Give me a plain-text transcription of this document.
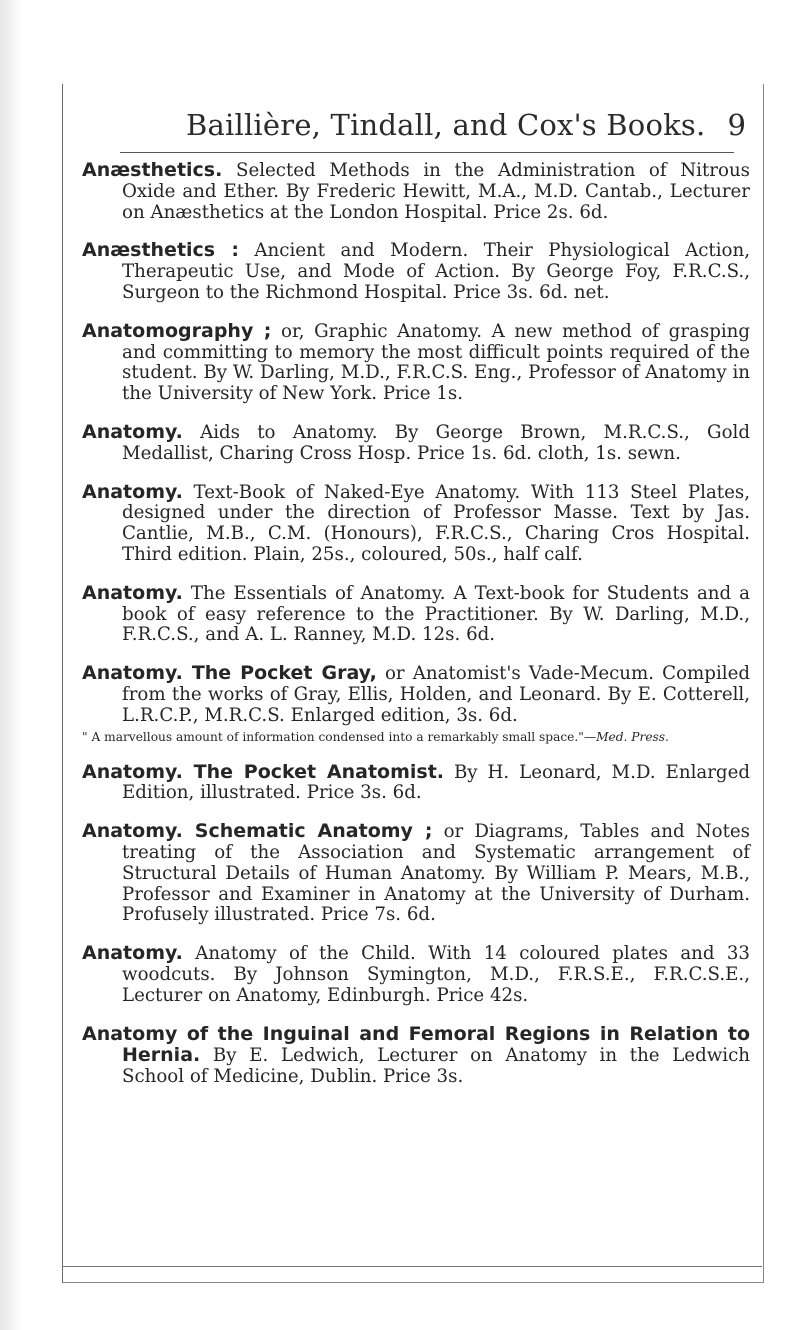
Baillière, Tindall, and Cox's Books. 9

Anæsthetics. Selected Methods in the Administration of Nitrous Oxide and Ether. By Frederic Hewitt, M.A., M.D. Cantab., Lecturer on Anæsthetics at the London Hospital. Price 2s. 6d.

Anæsthetics : Ancient and Modern. Their Physiological Action, Therapeutic Use, and Mode of Action. By George Foy, F.R.C.S., Surgeon to the Richmond Hospital. Price 3s. 6d. net.

Anatomography ; or, Graphic Anatomy. A new method of grasping and committing to memory the most difficult points required of the student. By W. Darling, M.D., F.R.C.S. Eng., Professor of Anatomy in the University of New York. Price 1s.

Anatomy. Aids to Anatomy. By George Brown, M.R.C.S., Gold Medallist, Charing Cross Hosp. Price 1s. 6d. cloth, 1s. sewn.

Anatomy. Text-Book of Naked-Eye Anatomy. With 113 Steel Plates, designed under the direction of Professor Masse. Text by Jas. Cantlie, M.B., C.M. (Honours), F.R.C.S., Charing Cros Hospital. Third edition. Plain, 25s., coloured, 50s., half calf.

Anatomy. The Essentials of Anatomy. A Text-book for Students and a book of easy reference to the Practitioner. By W. Darling, M.D., F.R.C.S., and A. L. Ranney, M.D. 12s. 6d.

Anatomy. The Pocket Gray, or Anatomist's Vade-Mecum. Compiled from the works of Gray, Ellis, Holden, and Leonard. By E. Cotterell, L.R.C.P., M.R.C.S. Enlarged edition, 3s. 6d.
" A marvellous amount of information condensed into a remarkably small space."—Med. Press.

Anatomy. The Pocket Anatomist. By H. Leonard, M.D. Enlarged Edition, illustrated. Price 3s. 6d.

Anatomy. Schematic Anatomy ; or Diagrams, Tables and Notes treating of the Association and Systematic arrangement of Structural Details of Human Anatomy. By William P. Mears, M.B., Professor and Examiner in Anatomy at the University of Durham. Profusely illustrated. Price 7s. 6d.

Anatomy. Anatomy of the Child. With 14 coloured plates and 33 woodcuts. By Johnson Symington, M.D., F.R.S.E., F.R.C.S.E., Lecturer on Anatomy, Edinburgh. Price 42s.

Anatomy of the Inguinal and Femoral Regions in Relation to Hernia. By E. Ledwich, Lecturer on Anatomy in the Ledwich School of Medicine, Dublin. Price 3s.
